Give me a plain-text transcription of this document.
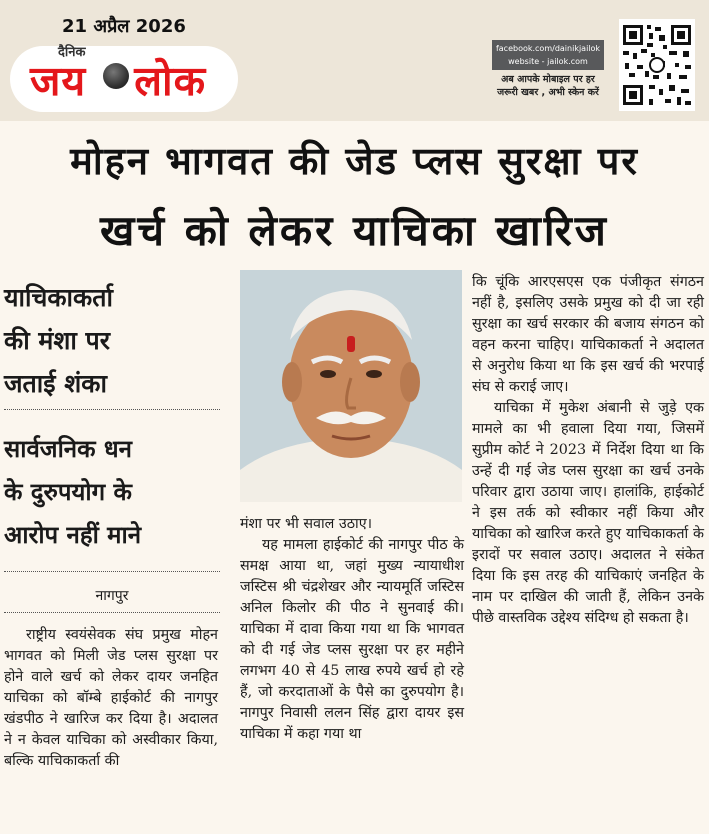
21 अप्रैल 2026
दैनिक
जय लोक
facebook.com/dainikjailok
website - jailok.com
अब आपके मोबाइल पर हर
जरूरी खबर , अभी स्केन करें
मोहन भागवत की जेड प्लस सुरक्षा पर
खर्च को लेकर याचिका खारिज
याचिकाकर्ता
की मंशा पर
जताई शंका
सार्वजनिक धन
के दुरुपयोग के
आरोप नहीं माने
नागपुर

राष्ट्रीय स्वयंसेवक संघ प्रमुख मोहन भागवत को मिली जेड प्लस सुरक्षा पर होने वाले खर्च को लेकर दायर जनहित याचिका को बॉम्बे हाईकोर्ट की नागपुर खंडपीठ ने खारिज कर दिया है। अदालत ने न केवल याचिका को अस्वीकार किया, बल्कि याचिकाकर्ता की

मंशा पर भी सवाल उठाए।

यह मामला हाईकोर्ट की नागपुर पीठ के समक्ष आया था, जहां मुख्य न्यायाधीश जस्टिस श्री चंद्रशेखर और न्यायमूर्ति जस्टिस अनिल किलोर की पीठ ने सुनवाई की। याचिका में दावा किया गया था कि भागवत को दी गई जेड प्लस सुरक्षा पर हर महीने लगभग 40 से 45 लाख रुपये खर्च हो रहे हैं, जो करदाताओं के पैसे का दुरुपयोग है। नागपुर निवासी ललन सिंह द्वारा दायर इस याचिका में कहा गया था

कि चूंकि आरएसएस एक पंजीकृत संगठन नहीं है, इसलिए उसके प्रमुख को दी जा रही सुरक्षा का खर्च सरकार की बजाय संगठन को वहन करना चाहिए। याचिकाकर्ता ने अदालत से अनुरोध किया था कि इस खर्च की भरपाई संघ से कराई जाए।

याचिका में मुकेश अंबानी से जुड़े एक मामले का भी हवाला दिया गया, जिसमें सुप्रीम कोर्ट ने 2023 में निर्देश दिया था कि उन्हें दी गई जेड प्लस सुरक्षा का खर्च उनके परिवार द्वारा उठाया जाए। हालांकि, हाईकोर्ट ने इस तर्क को स्वीकार नहीं किया और याचिका को खारिज करते हुए याचिकाकर्ता के इरादों पर सवाल उठाए। अदालत ने संकेत दिया कि इस तरह की याचिकाएं जनहित के नाम पर दाखिल की जाती हैं, लेकिन उनके पीछे वास्तविक उद्देश्य संदिग्ध हो सकता है।
